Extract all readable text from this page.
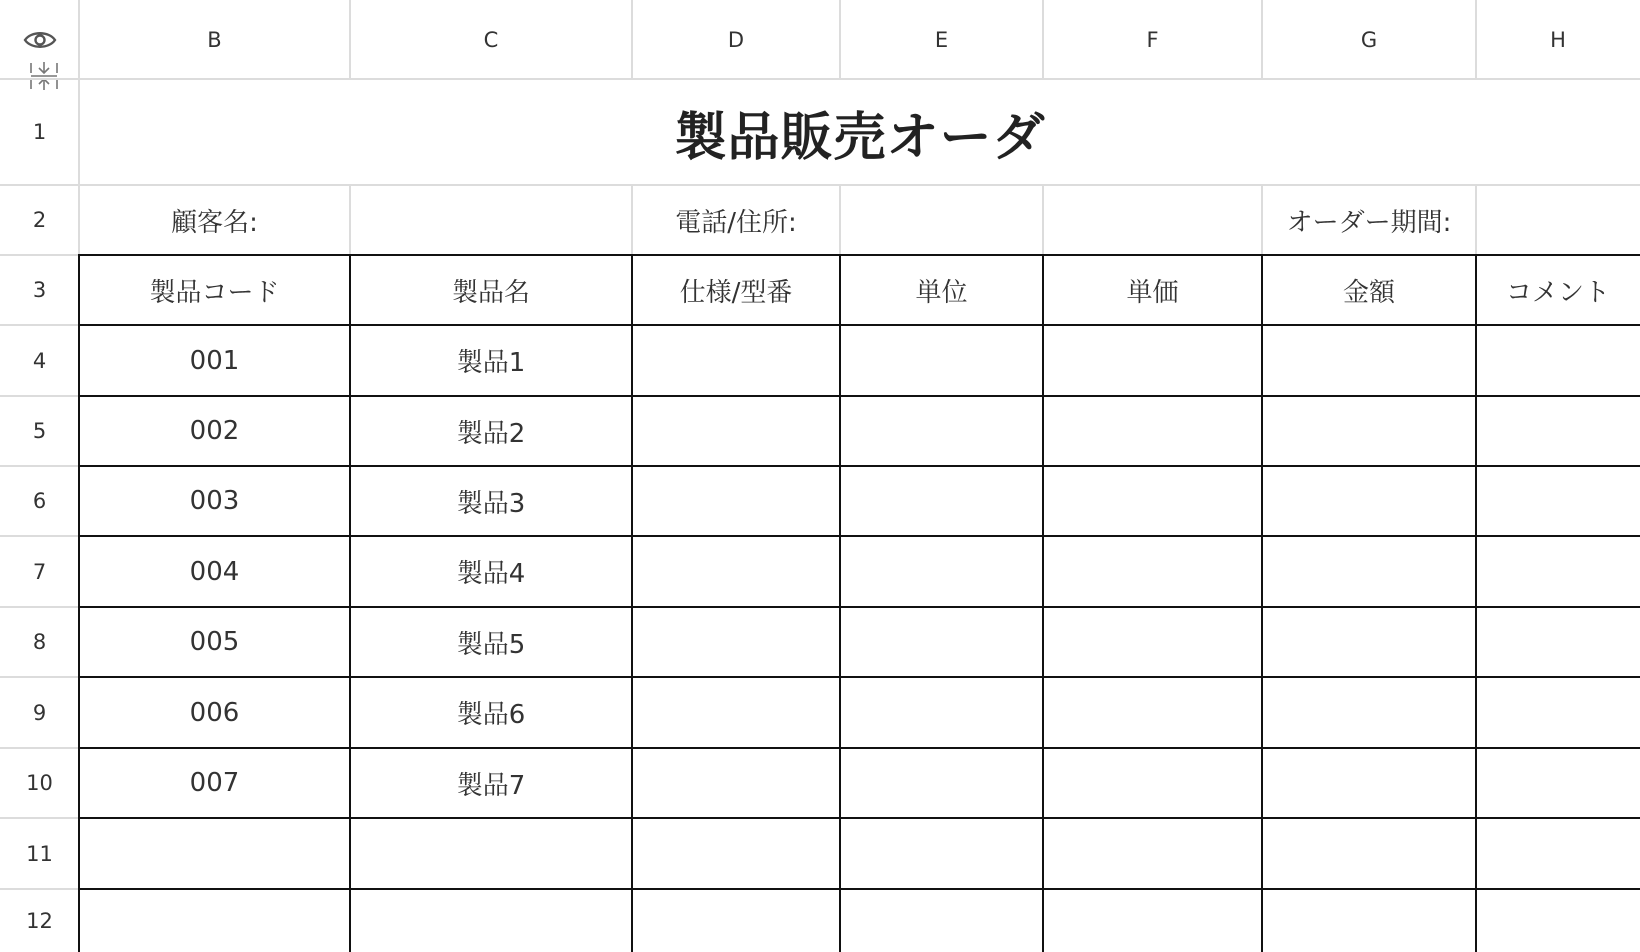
B	C	D	E	F	G	H
1
2
3
4
5
6
7
8
9
10
11
12
製品販売オーダ
顧客名:	電話/住所:	オーダー期間:
製品コード	製品名	仕様/型番	単位	単価	金額	コメント
001	製品1
002	製品2
003	製品3
004	製品4
005	製品5
006	製品6
007	製品7
